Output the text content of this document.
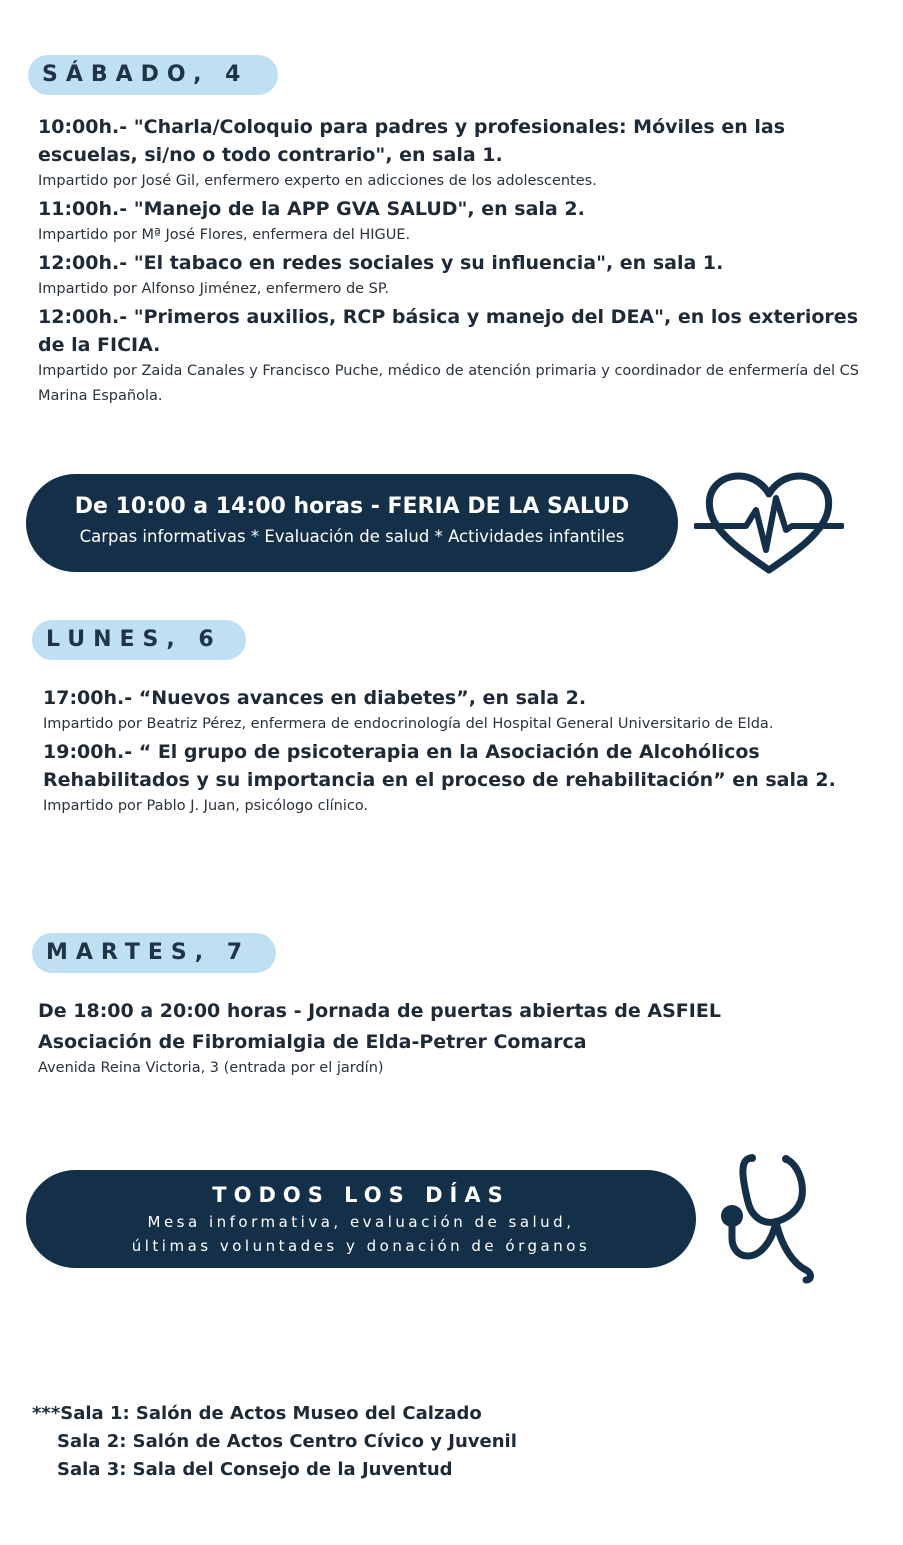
SÁBADO, 4
10:00h.- "Charla/Coloquio para padres y profesionales: Móviles en las escuelas, si/no o todo contrario", en sala 1.
Impartido por José Gil, enfermero experto en adicciones de los adolescentes.
11:00h.- "Manejo de la APP GVA SALUD", en sala 2.
Impartido por Mª José Flores, enfermera del HIGUE.
12:00h.- "El tabaco en redes sociales y su influencia", en sala 1.
Impartido por Alfonso Jiménez, enfermero de SP.
12:00h.- "Primeros auxilios, RCP básica y manejo del DEA", en los exteriores de la FICIA.
Impartido por Zaida Canales y Francisco Puche, médico de atención primaria y coordinador de enfermería del CS Marina Española.
De 10:00 a 14:00 horas - FERIA DE LA SALUD
Carpas informativas * Evaluación de salud * Actividades infantiles
LUNES, 6
17:00h.- “Nuevos avances en diabetes”, en sala 2.
Impartido por Beatriz Pérez, enfermera de endocrinología del Hospital General Universitario de Elda.
19:00h.- “ El grupo de psicoterapia en la Asociación de Alcohólicos Rehabilitados y su importancia en el proceso de rehabilitación” en sala 2.
Impartido por Pablo J. Juan, psicólogo clínico.
MARTES, 7
De 18:00 a 20:00 horas - Jornada de puertas abiertas de ASFIEL
Asociación de Fibromialgia de Elda-Petrer Comarca
Avenida Reina Victoria, 3 (entrada por el jardín)
TODOS LOS DÍAS
Mesa informativa, evaluación de salud,
últimas voluntades y donación de órganos
***Sala 1: Salón de Actos Museo del Calzado
Sala 2: Salón de Actos Centro Cívico y Juvenil
Sala 3: Sala del Consejo de la Juventud
